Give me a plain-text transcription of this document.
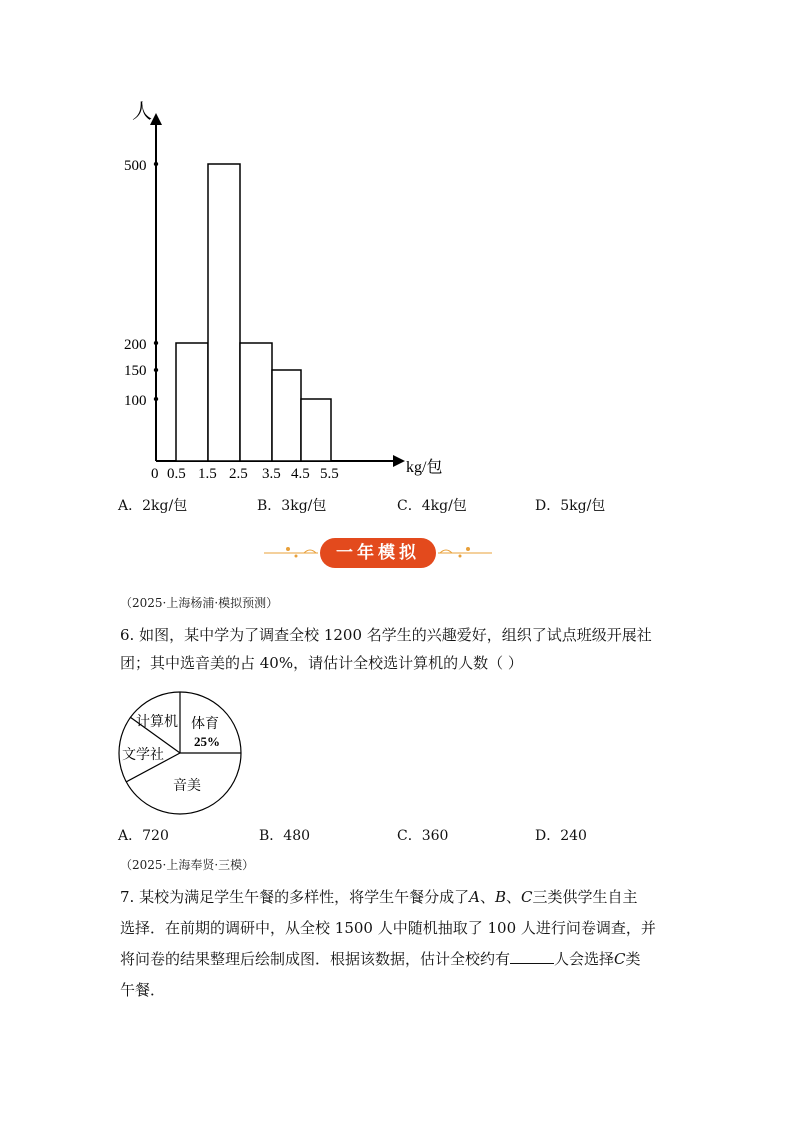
人
kg/包
500
200
150
100
0 0.5 1.5 2.5 3.5 4.5 5.5
A．2kg/包	B．3kg/包	C．4kg/包	D．5kg/包
一年模拟
（2025·上海杨浦·模拟预测）
6. 如图，某中学为了调查全校 1200 名学生的兴趣爱好，组织了试点班级开展社
团；其中选音美的占 40%，请估计全校选计算机的人数（ ）
体育
25%
计算机
文学社
音美
A．720	B．480	C．360	D．240
（2025·上海奉贤·三模）
7. 某校为满足学生午餐的多样性，将学生午餐分成了A、B、C三类供学生自主
选择．在前期的调研中，从全校 1500 人中随机抽取了 100 人进行问卷调查，并
将问卷的结果整理后绘制成图．根据该数据，估计全校约有	人会选择C类
午餐．
